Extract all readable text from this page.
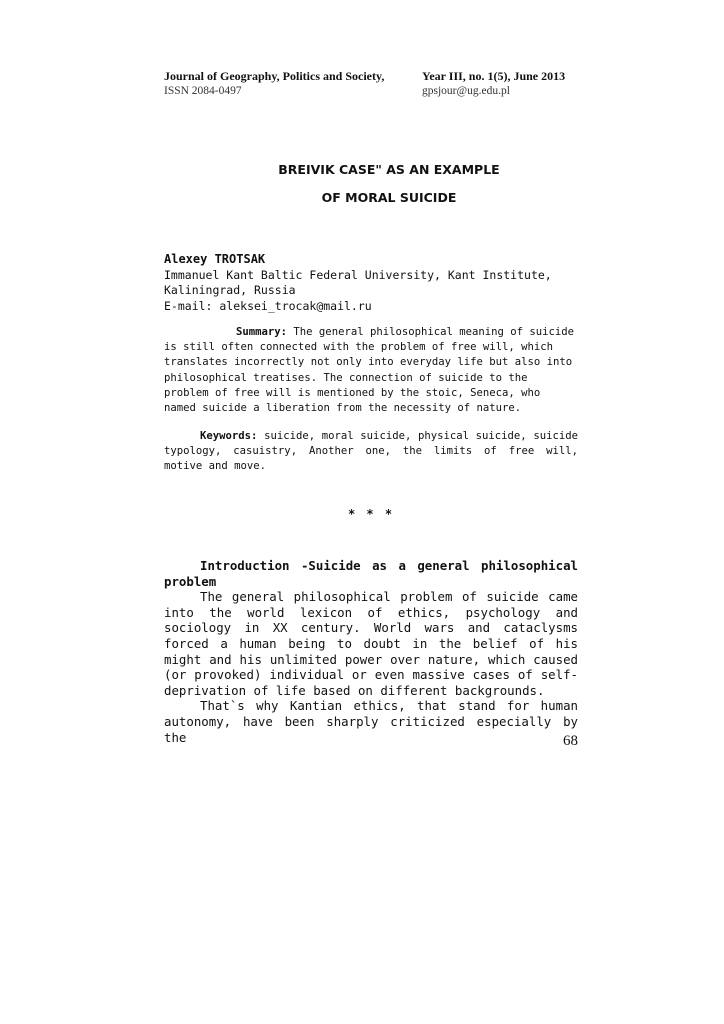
Journal of Geography, Politics and Society,	Year III, no. 1(5), June 2013
ISSN 2084-0497	gpsjour@ug.edu.pl
BREIVIK CASE" AS AN EXAMPLE
OF MORAL SUICIDE
Alexey TROTSAK
Immanuel Kant Baltic Federal University, Kant Institute,
Kaliningrad, Russia
E-mail: aleksei_trocak@mail.ru
Summary: The general philosophical meaning of suicide is still often connected with the problem of free will, which translates incorrectly not only into everyday life but also into philosophical treatises. The connection of suicide to the problem of free will is mentioned by the stoic, Seneca, who named suicide a liberation from the necessity of nature.
Keywords: suicide, moral suicide, physical suicide, suicide typology, casuistry, Another one, the limits of free will, motive and move.
* * *
Introduction -Suicide as a general philosophical problem
The general philosophical problem of suicide came into the world lexicon of ethics, psychology and sociology in XX century. World wars and cataclysms forced a human being to doubt in the belief of his might and his unlimited power over nature, which caused (or provoked) individual or even massive cases of self-deprivation of life based on different backgrounds.
That`s why Kantian ethics, that stand for human autonomy, have been sharply criticized especially by the	68
